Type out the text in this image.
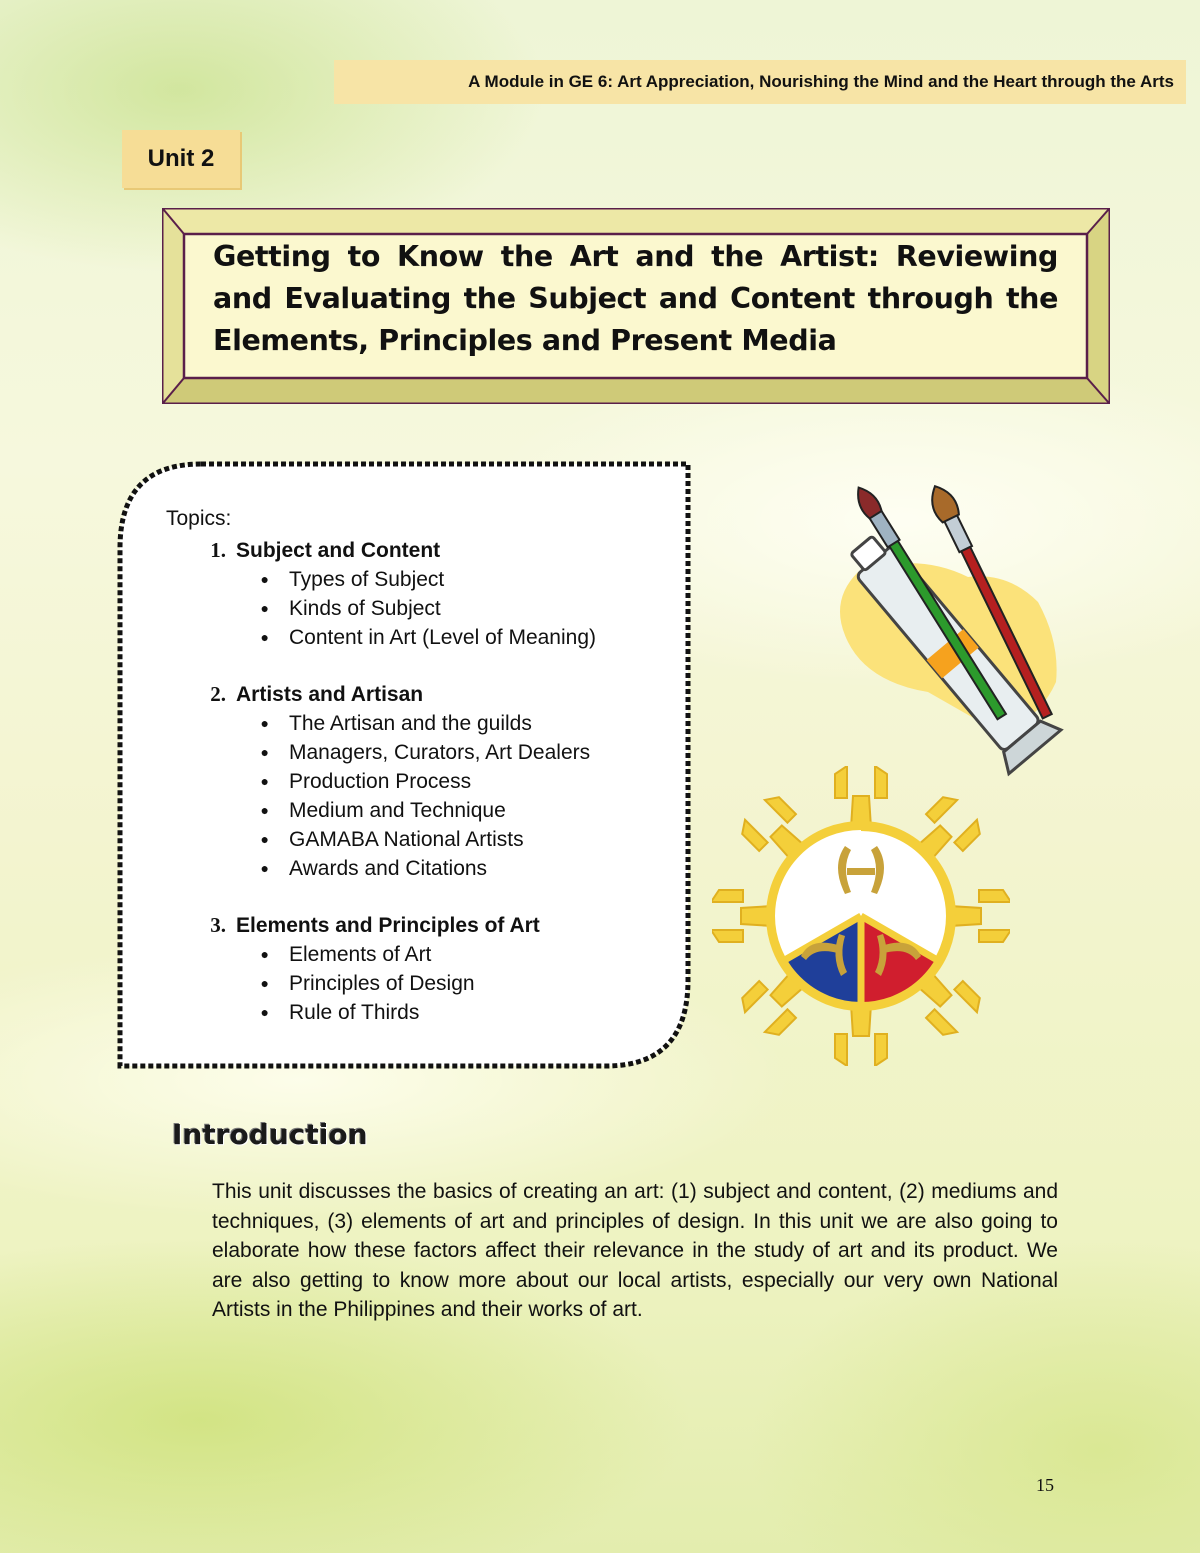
A Module in GE 6: Art Appreciation, Nourishing the Mind and the Heart through the Arts
Unit 2
Getting to Know the Art and the Artist: Reviewing and Evaluating the Subject and Content through the Elements, Principles and Present Media
Topics:
1. Subject and Content
● Types of Subject
● Kinds of Subject
● Content in Art (Level of Meaning)
2. Artists and Artisan
● The Artisan and the guilds
● Managers, Curators, Art Dealers
● Production Process
● Medium and Technique
● GAMABA National Artists
● Awards and Citations
3. Elements and Principles of Art
● Elements of Art
● Principles of Design
● Rule of Thirds
Introduction
This unit discusses the basics of creating an art: (1) subject and content, (2) mediums and techniques, (3) elements of art and principles of design. In this unit we are also going to elaborate how these factors affect their relevance in the study of art and its product. We are also getting to know more about our local artists, especially our very own National Artists in the Philippines and their works of art.
15
